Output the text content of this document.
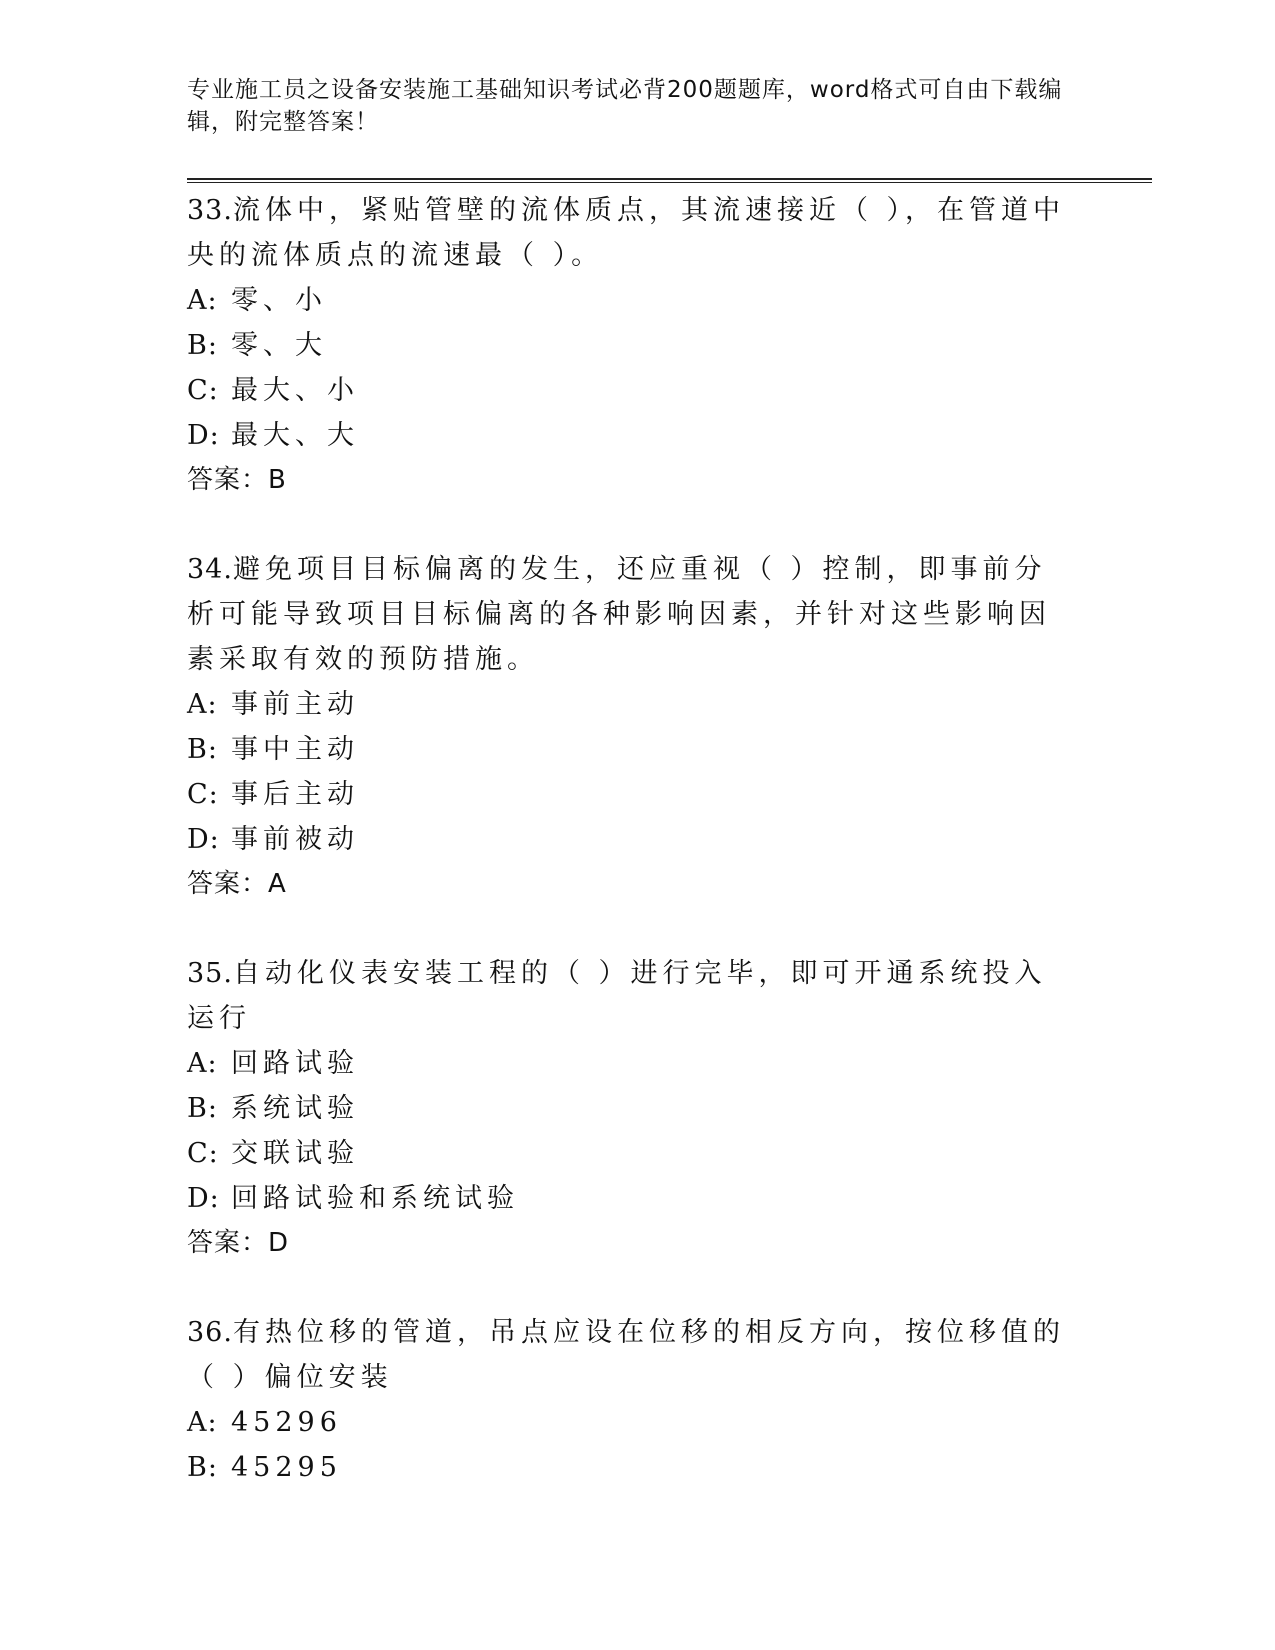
专业施工员之设备安装施工基础知识考试必背200题题库，word格式可自由下载编辑，附完整答案！

33.流体中，紧贴管壁的流体质点，其流速接近（ ），在管道中央的流体质点的流速最（ ）。

A: 零、小

B: 零、大

C: 最大、小

D: 最大、大

答案：B

34.避免项目目标偏离的发生，还应重视（ ）控制，即事前分析可能导致项目目标偏离的各种影响因素，并针对这些影响因素采取有效的预防措施。

A: 事前主动

B: 事中主动

C: 事后主动

D: 事前被动

答案：A

35.自动化仪表安装工程的（ ）进行完毕，即可开通系统投入运行

A: 回路试验

B: 系统试验

C: 交联试验

D: 回路试验和系统试验

答案：D

36.有热位移的管道，吊点应设在位移的相反方向，按位移值的（ ）偏位安装

A: 45296

B: 45295
